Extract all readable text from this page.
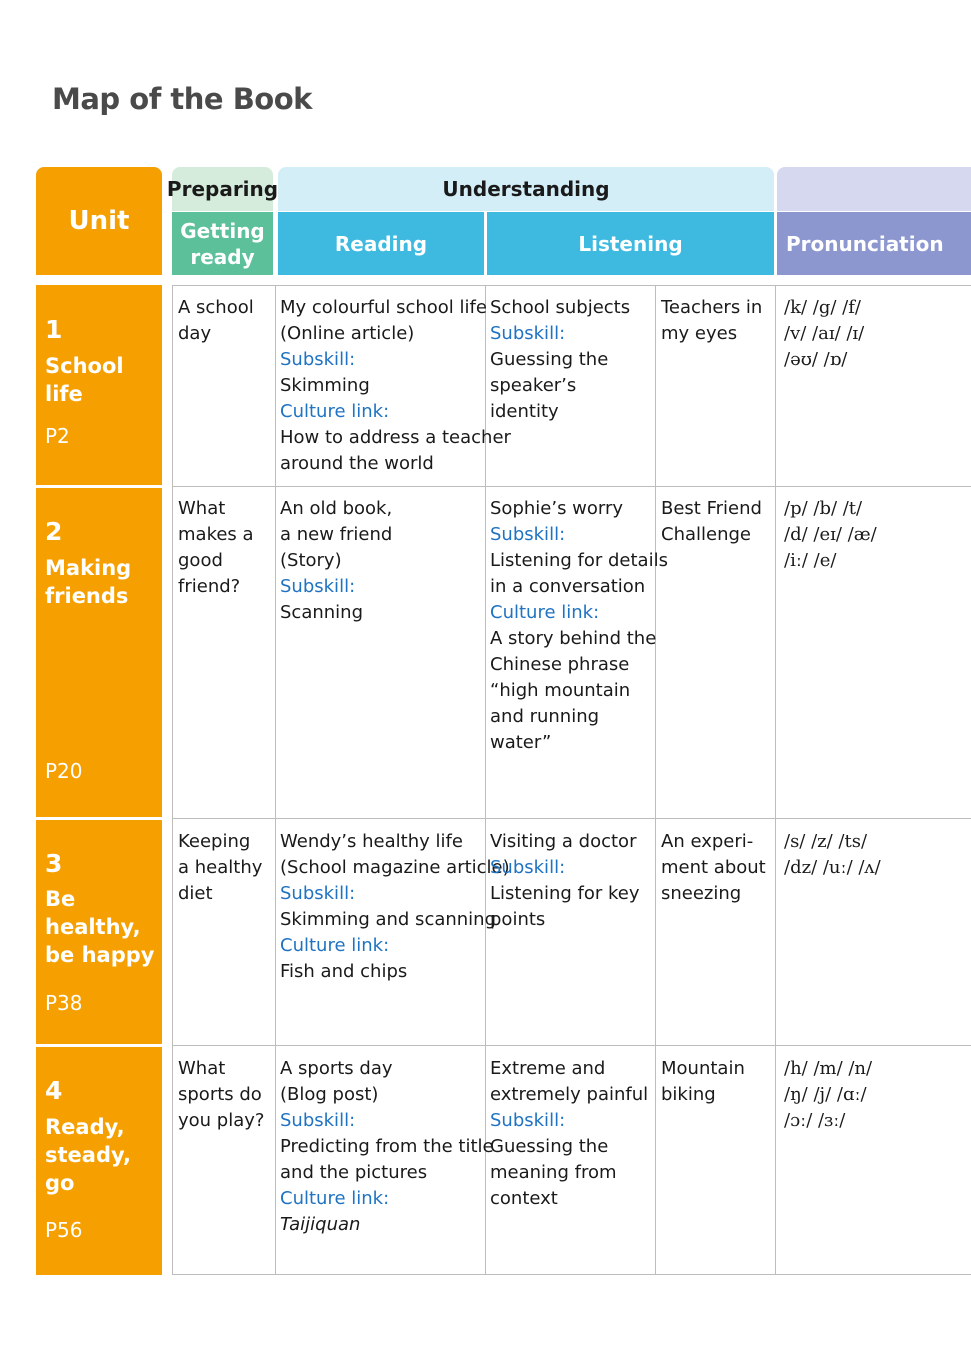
Map of the Book
Unit
Preparing
Getting
ready
Understanding
Reading	Listening	Pronunciation
1
School life
P2
2
Making
friends
P20
3
Be healthy,
be happy
P38
4
Ready,
steady, go
P56
A school
day
My colourful school life
(Online article)
Subskill:
Skimming
Culture link:
How to address a teacher
around the world
School subjects
Subskill:
Guessing the
speaker’s
identity
Teachers in
my eyes
/k/ /g/ /f/
/v/ /aɪ/ /ɪ/
/əʊ/ /ɒ/
What
makes a
good
friend?
An old book,
a new friend
(Story)
Subskill:
Scanning
Sophie’s worry
Subskill:
Listening for details
in a conversation
Culture link:
A story behind the
Chinese phrase
“high mountain
and running
water”
Best Friend
Challenge
/p/ /b/ /t/
/d/ /eɪ/ /æ/
/iː/ /e/
Keeping
a healthy
diet
Wendy’s healthy life
(School magazine article)
Subskill:
Skimming and scanning
Culture link:
Fish and chips
Visiting a doctor
Subskill:
Listening for key
points
An experi-
ment about
sneezing
/s/ /z/ /ts/
/dz/ /uː/ /ʌ/
What
sports do
you play?
A sports day
(Blog post)
Subskill:
Predicting from the title
and the pictures
Culture link:
Taijiquan
Extreme and
extremely painful
Subskill:
Guessing the
meaning from
context
Mountain
biking
/h/ /m/ /n/
/ŋ/ /j/ /ɑː/
/ɔː/ /ɜː/
